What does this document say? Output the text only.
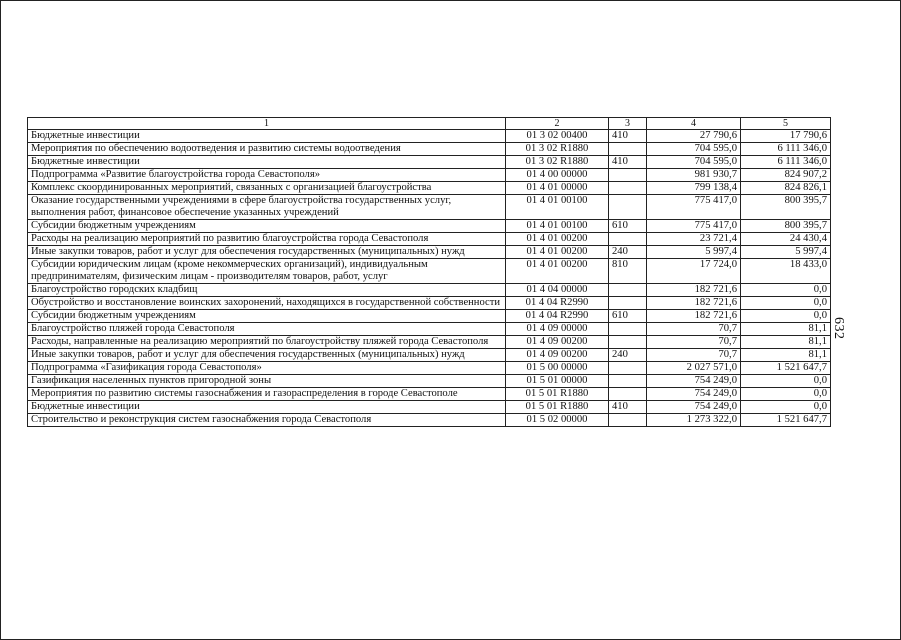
632
1	2	3	4	5
Бюджетные инвестиции	01 3 02 00400	410	27 790,6	17 790,6
Мероприятия по обеспечению водоотведения и развитию системы водоотведения	01 3 02 R1880		704 595,0	6 111 346,0
Бюджетные инвестиции	01 3 02 R1880	410	704 595,0	6 111 346,0
Подпрограмма «Развитие благоустройства города Севастополя»	01 4 00 00000		981 930,7	824 907,2
Комплекс скоординированных мероприятий, связанных с организацией благоустройства	01 4 01 00000		799 138,4	824 826,1
Оказание государственными учреждениями в сфере благоустройства государственных услуг, выполнения работ, финансовое обеспечение указанных учреждений	01 4 01 00100		775 417,0	800 395,7
Субсидии бюджетным учреждениям	01 4 01 00100	610	775 417,0	800 395,7
Расходы на реализацию мероприятий по развитию благоустройства города Севастополя	01 4 01 00200		23 721,4	24 430,4
Иные закупки товаров, работ и услуг для обеспечения государственных (муниципальных) нужд	01 4 01 00200	240	5 997,4	5 997,4
Субсидии юридическим лицам (кроме некоммерческих организаций), индивидуальным предпринимателям, физическим лицам - производителям товаров, работ, услуг	01 4 01 00200	810	17 724,0	18 433,0
Благоустройство городских кладбищ	01 4 04 00000		182 721,6	0,0
Обустройство и восстановление воинских захоронений, находящихся в государственной собственности	01 4 04 R2990		182 721,6	0,0
Субсидии бюджетным учреждениям	01 4 04 R2990	610	182 721,6	0,0
Благоустройство пляжей города Севастополя	01 4 09 00000		70,7	81,1
Расходы, направленные на реализацию мероприятий по благоустройству пляжей города Севастополя	01 4 09 00200		70,7	81,1
Иные закупки товаров, работ и услуг для обеспечения государственных (муниципальных) нужд	01 4 09 00200	240	70,7	81,1
Подпрограмма «Газификация города Севастополя»	01 5 00 00000		2 027 571,0	1 521 647,7
Газификация населенных пунктов пригородной зоны	01 5 01 00000		754 249,0	0,0
Мероприятия по развитию системы газоснабжения и газораспределения в городе Севастополе	01 5 01 R1880		754 249,0	0,0
Бюджетные инвестиции	01 5 01 R1880	410	754 249,0	0,0
Строительство и реконструкция систем газоснабжения города Севастополя	01 5 02 00000		1 273 322,0	1 521 647,7
